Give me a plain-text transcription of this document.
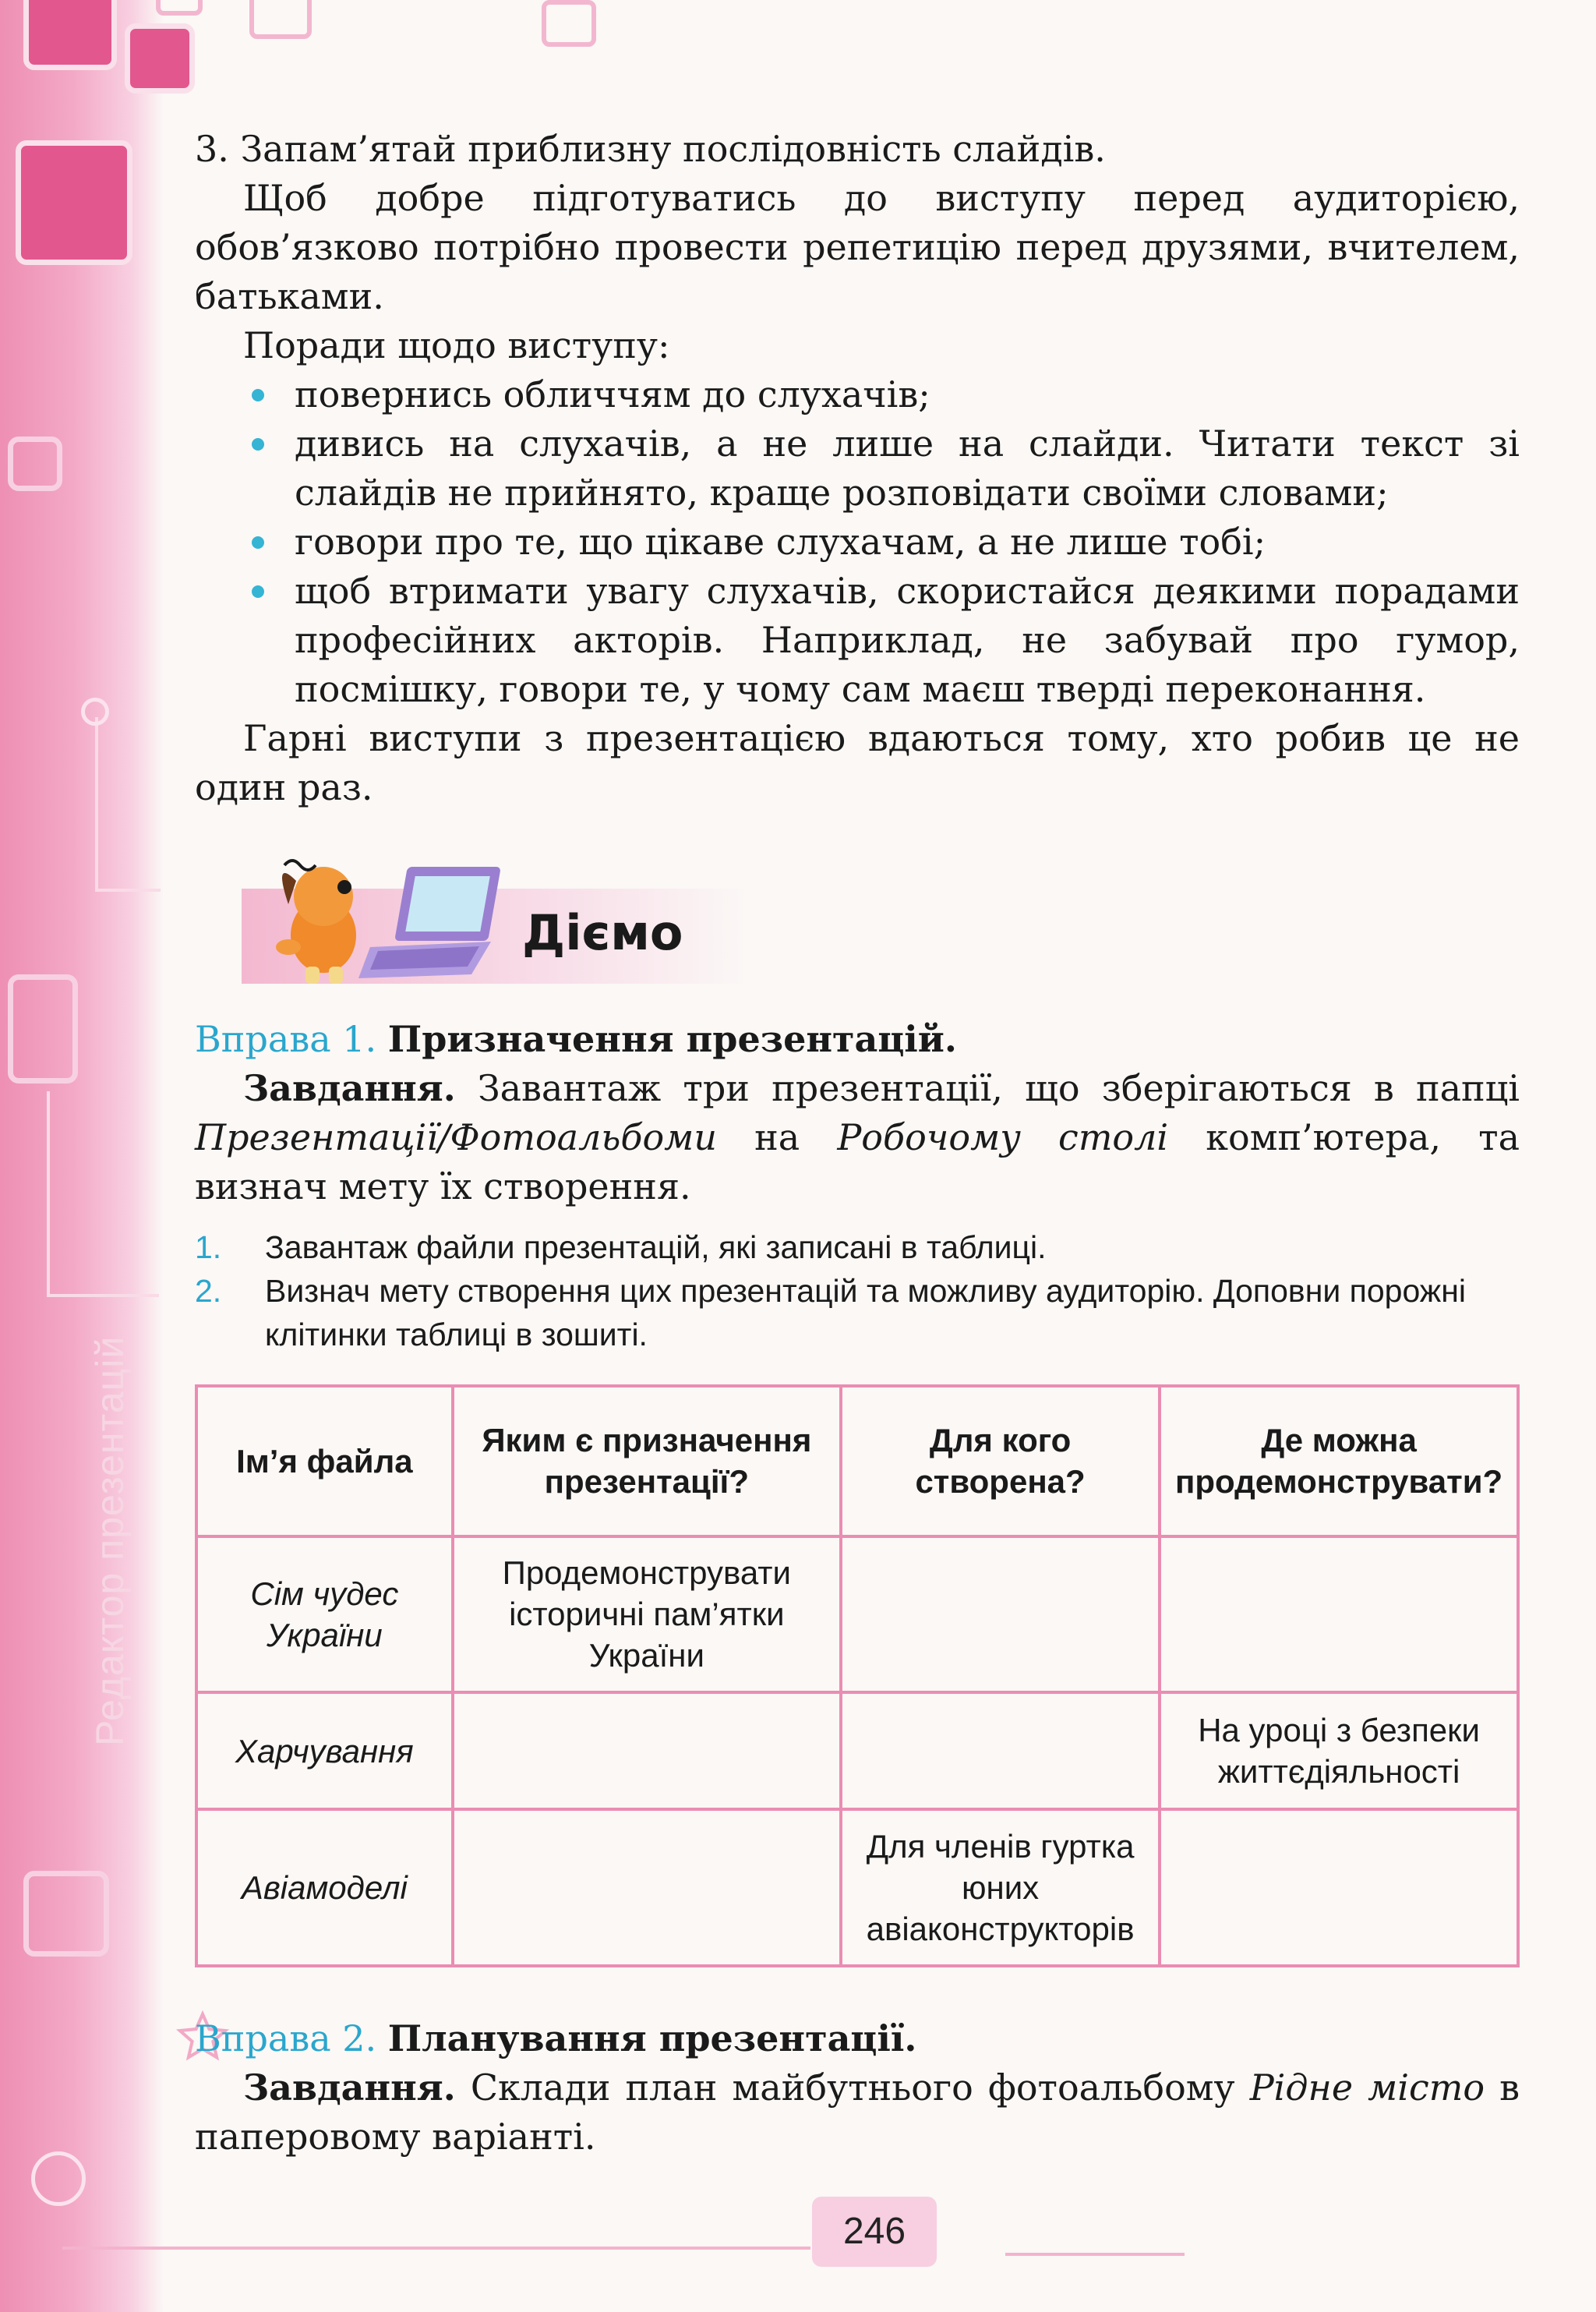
Редактор презентацій

3. Запам’ятай приблизну послідовність слайдів.

Щоб добре підготуватись до виступу перед аудиторією, обов’язково потрібно провести репетицію перед друзями, вчителем, батьками.

Поради щодо виступу:

повернись обличчям до слухачів;
дивись на слухачів, а не лише на слайди. Читати текст зі слайдів не прийнято, краще розповідати своїми словами;
говори про те, що цікаве слухачам, а не лише тобі;
щоб втримати увагу слухачів, скористайся деякими порадами професійних акторів. Наприклад, не забувай про гумор, посмішку, говори те, у чому сам маєш тверді переконання.

Гарні виступи з презентацією вдаються тому, хто робив це не один раз.

Діємо

Вправа 1. Призначення презентацій.

Завдання. Завантаж три презентації, що зберігаються в папці Презентації/Фотоальбоми на Робочому столі комп’ютера, та визнач мету їх створення.

1. Завантаж файли презентацій, які записані в таблиці.
2. Визнач мету створення цих презентацій та можливу аудиторію. Доповни порожні клітинки таблиці в зошиті.
Ім’я файла	Яким є призначення презентації?	Для кого створена?	Де можна продемонструвати?
Сім чудес України	Продемонструвати історичні пам’ятки України		
Харчування			На уроці з безпеки життєдіяльності
Авіамоделі		Для членів гуртка юних авіаконструкторів	

Вправа 2. Планування презентації.

Завдання. Склади план майбутнього фотоальбому Рідне місто в паперовому варіанті.

246
